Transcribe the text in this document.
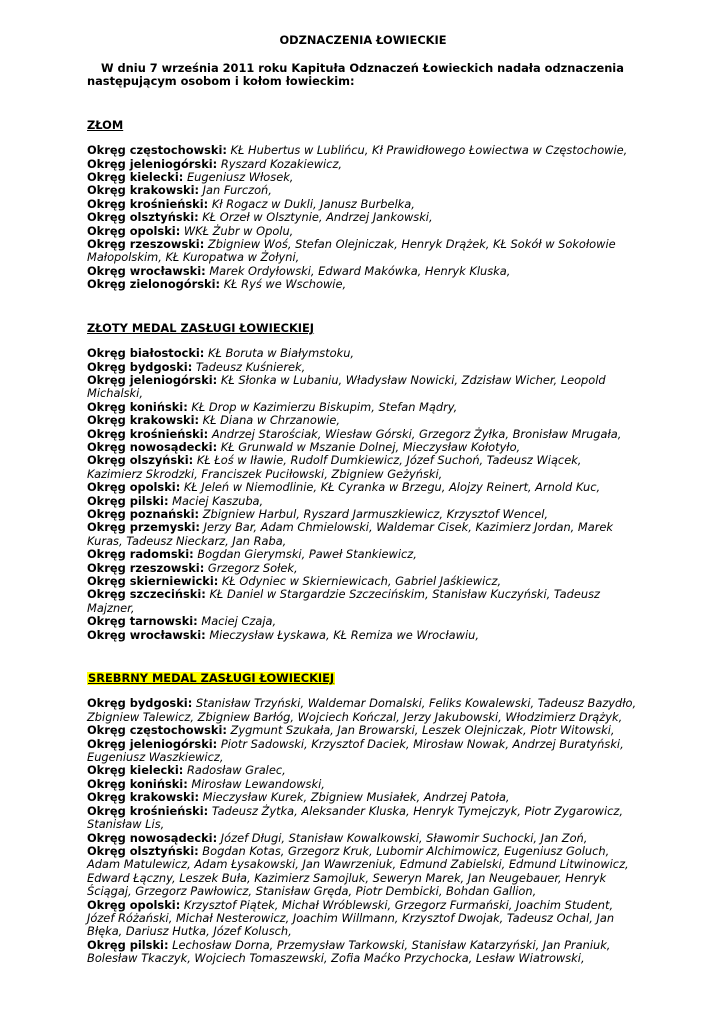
ODZNACZENIA ŁOWIECKIE
W dniu 7 września 2011 roku Kapituła Odznaczeń Łowieckich nadała odznaczenia następującym osobom i kołom łowieckim:
ZŁOM

Okręg częstochowski: KŁ Hubertus w Lublińcu, Kł Prawidłowego Łowiectwa w Częstochowie,
Okręg jeleniogórski: Ryszard Kozakiewicz,
Okręg kielecki: Eugeniusz Włosek,
Okręg krakowski: Jan Furczoń,
Okręg krośnieński: Kł Rogacz w Dukli, Janusz Burbelka,
Okręg olsztyński: KŁ Orzeł w Olsztynie, Andrzej Jankowski,
Okręg opolski: WKŁ Żubr w Opolu,
Okręg rzeszowski: Zbigniew Woś, Stefan Olejniczak, Henryk Drążek, KŁ Sokół w Sokołowie Małopolskim, KŁ Kuropatwa w Żołyni,
Okręg wrocławski: Marek Ordyłowski, Edward Makówka, Henryk Kluska,
Okręg zielonogórski: KŁ Ryś we Wschowie,
ZŁOTY MEDAL ZASŁUGI ŁOWIECKIEJ

Okręg białostocki: KŁ Boruta w Białymstoku,
Okręg bydgoski: Tadeusz Kuśnierek,
Okręg jeleniogórski: KŁ Słonka w Lubaniu, Władysław Nowicki, Zdzisław Wicher, Leopold Michalski,
Okręg koniński: KŁ Drop w Kazimierzu Biskupim, Stefan Mądry,
Okręg krakowski: KŁ Diana w Chrzanowie,
Okręg krośnieński: Andrzej Starościak, Wiesław Górski, Grzegorz Żyłka, Bronisław Mrugała,
Okręg nowosądecki: KŁ Grunwald w Mszanie Dolnej, Mieczysław Kołotyło,
Okręg olszyński: KŁ Łoś w Iławie, Rudolf Dumkiewicz, Józef Suchoń, Tadeusz Wiącek, Kazimierz Skrodzki, Franciszek Puciłowski, Zbigniew Geżyński,
Okręg opolski: KŁ Jeleń w Niemodlinie, KŁ Cyranka w Brzegu, Alojzy Reinert, Arnold Kuc,
Okręg pilski: Maciej Kaszuba,
Okręg poznański: Zbigniew Harbul, Ryszard Jarmuszkiewicz, Krzysztof Wencel,
Okręg przemyski: Jerzy Bar, Adam Chmielowski, Waldemar Cisek, Kazimierz Jordan, Marek Kuras, Tadeusz Nieckarz, Jan Raba,
Okręg radomski: Bogdan Gierymski, Paweł Stankiewicz,
Okręg rzeszowski: Grzegorz Sołek,
Okręg skierniewicki: KŁ Odyniec w Skierniewicach, Gabriel Jaśkiewicz,
Okręg szczeciński: KŁ Daniel w Stargardzie Szczecińskim, Stanisław Kuczyński, Tadeusz Majzner,
Okręg tarnowski: Maciej Czaja,
Okręg wrocławski: Mieczysław Łyskawa, KŁ Remiza we Wrocławiu,
SREBRNY MEDAL ZASŁUGI ŁOWIECKIEJ

Okręg bydgoski: Stanisław Trzyński, Waldemar Domalski, Feliks Kowalewski, Tadeusz Bazydło, Zbigniew Talewicz, Zbigniew Barłóg, Wojciech Kończal, Jerzy Jakubowski, Włodzimierz Drążyk,
Okręg częstochowski: Zygmunt Szukała, Jan Browarski, Leszek Olejniczak, Piotr Witowski,
Okręg jeleniogórski: Piotr Sadowski, Krzysztof Daciek, Mirosław Nowak, Andrzej Buratyński, Eugeniusz Waszkiewicz,
Okręg kielecki: Radosław Gralec,
Okręg koniński: Mirosław Lewandowski,
Okręg krakowski: Mieczysław Kurek, Zbigniew Musiałek, Andrzej Patoła,
Okręg krośnieński: Tadeusz Żytka, Aleksander Kluska, Henryk Tymejczyk, Piotr Zygarowicz, Stanisław Lis,
Okręg nowosądecki: Józef Długi, Stanisław Kowalkowski, Sławomir Suchocki, Jan Zoń,
Okręg olsztyński: Bogdan Kotas, Grzegorz Kruk, Lubomir Alchimowicz, Eugeniusz Goluch, Adam Matulewicz, Adam Łysakowski, Jan Wawrzeniuk, Edmund Zabielski, Edmund Litwinowicz, Edward Łączny, Leszek Buła, Kazimierz Samojluk, Seweryn Marek, Jan Neugebauer, Henryk Ściągaj, Grzegorz Pawłowicz, Stanisław Gręda, Piotr Dembicki, Bohdan Gallion,
Okręg opolski: Krzysztof Piątek, Michał Wróblewski, Grzegorz Furmański, Joachim Student, Józef Różański, Michał Nesterowicz, Joachim Willmann, Krzysztof Dwojak, Tadeusz Ochal, Jan Błęka, Dariusz Hutka, Józef Kolusch,
Okręg pilski: Lechosław Dorna, Przemysław Tarkowski, Stanisław Katarzyński, Jan Praniuk, Bolesław Tkaczyk, Wojciech Tomaszewski, Zofia Maćko Przychocka, Lesław Wiatrowski,
